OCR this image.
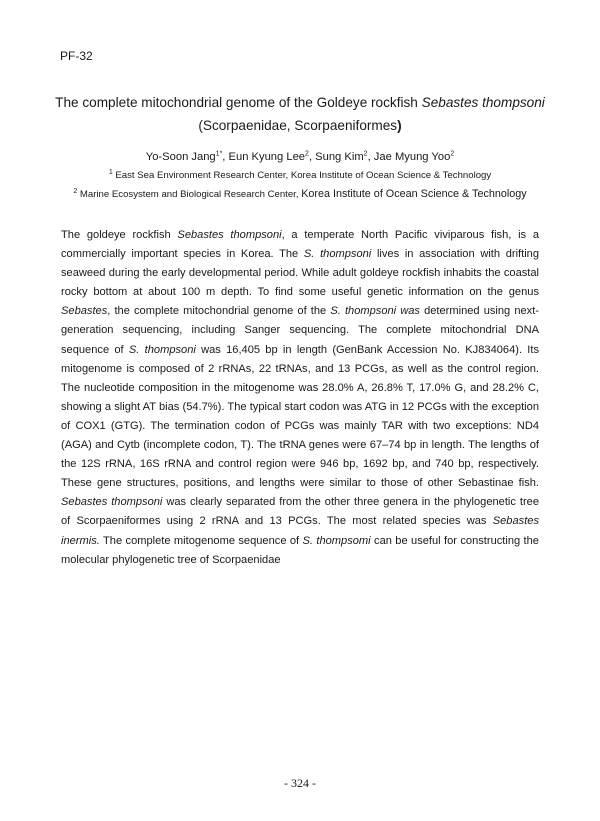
PF-32
The complete mitochondrial genome of the Goldeye rockfish Sebastes thompsoni
(Scorpaenidae, Scorpaeniformes)
Yo-Soon Jang$^{1*}$, Eun Kyung Lee$^2$, Sung Kim$^2$, Jae Myung Yoo$^2$
$^1$ East Sea Environment Research Center, Korea Institute of Ocean Science & Technology
$^2$ Marine Ecosystem and Biological Research Center, Korea Institute of Ocean Science & Technology

The goldeye rockfish Sebastes thompsoni, a temperate North Pacific viviparous fish, is a commercially important species in Korea. The S. thompsoni lives in association with drifting seaweed during the early developmental period. While adult goldeye rockfish inhabits the coastal rocky bottom at about 100 m depth. To find some useful genetic information on the genus Sebastes, the complete mitochondrial genome of the S. thompsoni was determined using next-generation sequencing, including Sanger sequencing. The complete mitochondrial DNA sequence of S. thompsoni was 16,405 bp in length (GenBank Accession No. KJ834064). Its mitogenome is composed of 2 rRNAs, 22 tRNAs, and 13 PCGs, as well as the control region. The nucleotide composition in the mitogenome was 28.0% A, 26.8% T, 17.0% G, and 28.2% C, showing a slight AT bias (54.7%). The typical start codon was ATG in 12 PCGs with the exception of COX1 (GTG). The termination codon of PCGs was mainly TAR with two exceptions: ND4 (AGA) and Cytb (incomplete codon, T). The tRNA genes were 67–74 bp in length. The lengths of the 12S rRNA, 16S rRNA and control region were 946 bp, 1692 bp, and 740 bp, respectively. These gene structures, positions, and lengths were similar to those of other Sebastinae fish. Sebastes thompsoni was clearly separated from the other three genera in the phylogenetic tree of Scorpaeniformes using 2 rRNA and 13 PCGs. The most related species was Sebastes inermis. The complete mitogenome sequence of S. thompsomi can be useful for constructing the molecular phylogenetic tree of Scorpaenidae

- 324 -
